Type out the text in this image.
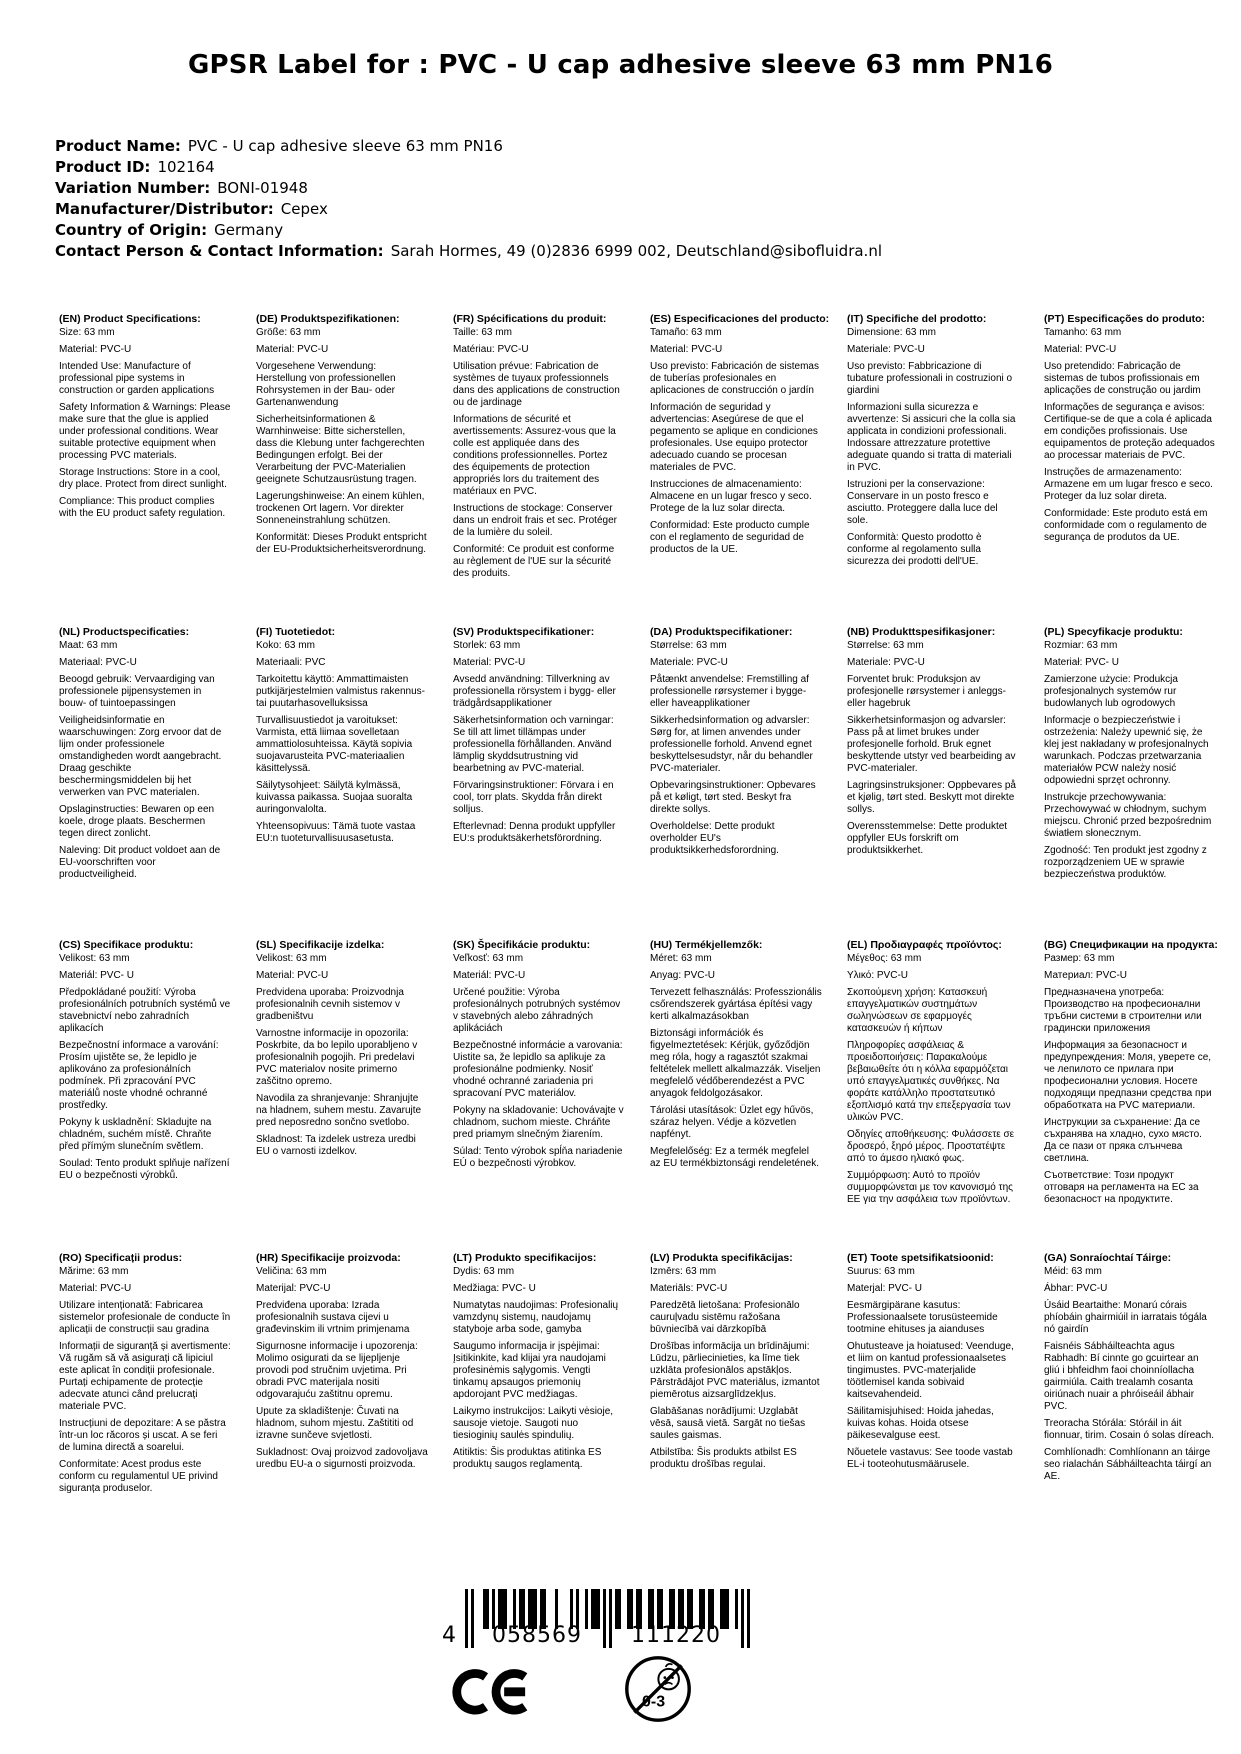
GPSR Label for : PVC - U cap adhesive sleeve 63 mm PN16
Product Name: PVC - U cap adhesive sleeve 63 mm PN16
Product ID: 102164
Variation Number: BONI-01948
Manufacturer/Distributor: Cepex
Country of Origin: Germany
Contact Person & Contact Information: Sarah Hormes, 49 (0)2836 6999 002, Deutschland@sibofluidra.nl
(EN) Product Specifications:

Size: 63 mm

Material: PVC-U

Intended Use: Manufacture of professional pipe systems in construction or garden applications

Safety Information & Warnings: Please make sure that the glue is applied under professional conditions. Wear suitable protective equipment when processing PVC materials.

Storage Instructions: Store in a cool, dry place. Protect from direct sunlight.

Compliance: This product complies with the EU product safety regulation.

(DE) Produktspezifikationen:

Größe: 63 mm

Material: PVC-U

Vorgesehene Verwendung: Herstellung von professionellen Rohrsystemen in der Bau- oder Gartenanwendung

Sicherheitsinformationen & Warnhinweise: Bitte sicherstellen, dass die Klebung unter fachgerechten Bedingungen erfolgt. Bei der Verarbeitung der PVC-Materialien geeignete Schutzausrüstung tragen.

Lagerungshinweise: An einem kühlen, trockenen Ort lagern. Vor direkter Sonneneinstrahlung schützen.

Konformität: Dieses Produkt entspricht der EU-Produktsicherheitsverordnung.

(FR) Spécifications du produit:

Taille: 63 mm

Matériau: PVC-U

Utilisation prévue: Fabrication de systèmes de tuyaux professionnels dans des applications de construction ou de jardinage

Informations de sécurité et avertissements: Assurez-vous que la colle est appliquée dans des conditions professionnelles. Portez des équipements de protection appropriés lors du traitement des matériaux en PVC.

Instructions de stockage: Conserver dans un endroit frais et sec. Protéger de la lumière du soleil.

Conformité: Ce produit est conforme au règlement de l'UE sur la sécurité des produits.

(ES) Especificaciones del producto:

Tamaño: 63 mm

Material: PVC-U

Uso previsto: Fabricación de sistemas de tuberías profesionales en aplicaciones de construcción o jardín

Información de seguridad y advertencias: Asegúrese de que el pegamento se aplique en condiciones profesionales. Use equipo protector adecuado cuando se procesan materiales de PVC.

Instrucciones de almacenamiento: Almacene en un lugar fresco y seco. Protege de la luz solar directa.

Conformidad: Este producto cumple con el reglamento de seguridad de productos de la UE.

(IT) Specifiche del prodotto:

Dimensione: 63 mm

Materiale: PVC-U

Uso previsto: Fabbricazione di tubature professionali in costruzioni o giardini

Informazioni sulla sicurezza e avvertenze: Si assicuri che la colla sia applicata in condizioni professionali. Indossare attrezzature protettive adeguate quando si tratta di materiali in PVC.

Istruzioni per la conservazione: Conservare in un posto fresco e asciutto. Proteggere dalla luce del sole.

Conformità: Questo prodotto è conforme al regolamento sulla sicurezza dei prodotti dell'UE.

(PT) Especificações do produto:

Tamanho: 63 mm

Material: PVC-U

Uso pretendido: Fabricação de sistemas de tubos profissionais em aplicações de construção ou jardim

Informações de segurança e avisos: Certifique-se de que a cola é aplicada em condições profissionais. Use equipamentos de proteção adequados ao processar materiais de PVC.

Instruções de armazenamento: Armazene em um lugar fresco e seco. Proteger da luz solar direta.

Conformidade: Este produto está em conformidade com o regulamento de segurança de produtos da UE.

(NL) Productspecificaties:

Maat: 63 mm

Materiaal: PVC-U

Beoogd gebruik: Vervaardiging van professionele pijpensystemen in bouw- of tuintoepassingen

Veiligheidsinformatie en waarschuwingen: Zorg ervoor dat de lijm onder professionele omstandigheden wordt aangebracht. Draag geschikte beschermingsmiddelen bij het verwerken van PVC materialen.

Opslaginstructies: Bewaren op een koele, droge plaats. Beschermen tegen direct zonlicht.

Naleving: Dit product voldoet aan de EU-voorschriften voor productveiligheid.

(FI) Tuotetiedot:

Koko: 63 mm

Materiaali: PVC

Tarkoitettu käyttö: Ammattimaisten putkijärjestelmien valmistus rakennus- tai puutarhasovelluksissa

Turvallisuustiedot ja varoitukset: Varmista, että liimaa sovelletaan ammattiolosuhteissa. Käytä sopivia suojavarusteita PVC-materiaalien käsittelyssä.

Säilytysohjeet: Säilytä kylmässä, kuivassa paikassa. Suojaa suoralta auringonvalolta.

Yhteensopivuus: Tämä tuote vastaa EU:n tuoteturvallisuusasetusta.

(SV) Produktspecifikationer:

Storlek: 63 mm

Material: PVC-U

Avsedd användning: Tillverkning av professionella rörsystem i bygg- eller trädgårdsapplikationer

Säkerhetsinformation och varningar: Se till att limet tillämpas under professionella förhållanden. Använd lämplig skyddsutrustning vid bearbetning av PVC-material.

Förvaringsinstruktioner: Förvara i en cool, torr plats. Skydda från direkt solljus.

Efterlevnad: Denna produkt uppfyller EU:s produktsäkerhetsförordning.

(DA) Produktspecifikationer:

Størrelse: 63 mm

Materiale: PVC-U

Påtænkt anvendelse: Fremstilling af professionelle rørsystemer i bygge- eller haveapplikationer

Sikkerhedsinformation og advarsler: Sørg for, at limen anvendes under professionelle forhold. Anvend egnet beskyttelsesudstyr, når du behandler PVC-materialer.

Opbevaringsinstruktioner: Opbevares på et køligt, tørt sted. Beskyt fra direkte sollys.

Overholdelse: Dette produkt overholder EU's produktsikkerhedsforordning.

(NB) Produkttspesifikasjoner:

Størrelse: 63 mm

Materiale: PVC-U

Forventet bruk: Produksjon av profesjonelle rørsystemer i anleggs- eller hagebruk

Sikkerhetsinformasjon og advarsler: Pass på at limet brukes under profesjonelle forhold. Bruk egnet beskyttende utstyr ved bearbeiding av PVC-materialer.

Lagringsinstruksjoner: Oppbevares på et kjølig, tørt sted. Beskytt mot direkte sollys.

Overensstemmelse: Dette produktet oppfyller EUs forskrift om produktsikkerhet.

(PL) Specyfikacje produktu:

Rozmiar: 63 mm

Materiał: PVC- U

Zamierzone użycie: Produkcja profesjonalnych systemów rur budowlanych lub ogrodowych

Informacje o bezpieczeństwie i ostrzeżenia: Należy upewnić się, że klej jest nakładany w profesjonalnych warunkach. Podczas przetwarzania materiałów PCW należy nosić odpowiedni sprzęt ochronny.

Instrukcje przechowywania: Przechowywać w chłodnym, suchym miejscu. Chronić przed bezpośrednim światłem słonecznym.

Zgodność: Ten produkt jest zgodny z rozporządzeniem UE w sprawie bezpieczeństwa produktów.

(CS) Specifikace produktu:

Velikost: 63 mm

Materiál: PVC- U

Předpokládané použití: Výroba profesionálních potrubních systémů ve stavebnictví nebo zahradních aplikacích

Bezpečnostní informace a varování: Prosím ujistěte se, že lepidlo je aplikováno za profesionálních podmínek. Při zpracování PVC materiálů noste vhodné ochranné prostředky.

Pokyny k uskladnění: Skladujte na chladném, suchém místě. Chraňte před přímým slunečním světlem.

Soulad: Tento produkt splňuje nařízení EU o bezpečnosti výrobků.

(SL) Specifikacije izdelka:

Velikost: 63 mm

Material: PVC-U

Predvidena uporaba: Proizvodnja profesionalnih cevnih sistemov v gradbeništvu

Varnostne informacije in opozorila: Poskrbite, da bo lepilo uporabljeno v profesionalnih pogojih. Pri predelavi PVC materialov nosite primerno zaščitno opremo.

Navodila za shranjevanje: Shranjujte na hladnem, suhem mestu. Zavarujte pred neposredno sončno svetlobo.

Skladnost: Ta izdelek ustreza uredbi EU o varnosti izdelkov.

(SK) Špecifikácie produktu:

Veľkosť: 63 mm

Materiál: PVC-U

Určené použitie: Výroba profesionálnych potrubných systémov v stavebných alebo záhradných aplikáciách

Bezpečnostné informácie a varovania: Uistite sa, že lepidlo sa aplikuje za profesionálne podmienky. Nosiť vhodné ochranné zariadenia pri spracovaní PVC materiálov.

Pokyny na skladovanie: Uchovávajte v chladnom, suchom mieste. Chráňte pred priamym slnečným žiarením.

Súlad: Tento výrobok spĺňa nariadenie EÚ o bezpečnosti výrobkov.

(HU) Termékjellemzők:

Méret: 63 mm

Anyag: PVC-U

Tervezett felhasználás: Professzionális csőrendszerek gyártása építési vagy kerti alkalmazásokban

Biztonsági információk és figyelmeztetések: Kérjük, győződjön meg róla, hogy a ragasztót szakmai feltételek mellett alkalmazzák. Viseljen megfelelő védőberendezést a PVC anyagok feldolgozásakor.

Tárolási utasítások: Üzlet egy hűvös, száraz helyen. Védje a közvetlen napfényt.

Megfelelőség: Ez a termék megfelel az EU termékbiztonsági rendeletének.

(EL) Προδιαγραφές προϊόντος:

Μέγεθος: 63 mm

Υλικό: PVC-U

Σκοπούμενη χρήση: Κατασκευή επαγγελματικών συστημάτων σωληνώσεων σε εφαρμογές κατασκευών ή κήπων

Πληροφορίες ασφάλειας & προειδοποιήσεις: Παρακαλούμε βεβαιωθείτε ότι η κόλλα εφαρμόζεται υπό επαγγελματικές συνθήκες. Να φοράτε κατάλληλο προστατευτικό εξοπλισμό κατά την επεξεργασία των υλικών PVC.

Οδηγίες αποθήκευσης: Φυλάσσετε σε δροσερό, ξηρό μέρος. Προστατέψτε από το άμεσο ηλιακό φως.

Συμμόρφωση: Αυτό το προϊόν συμμορφώνεται με τον κανονισμό της ΕΕ για την ασφάλεια των προϊόντων.

(BG) Спецификации на продукта:

Размер: 63 mm

Материал: PVC-U

Предназначена употреба: Производство на професионални тръбни системи в строителни или градински приложения

Информация за безопасност и предупреждения: Моля, уверете се, че лепилото се прилага при професионални условия. Носете подходящи предпазни средства при обработката на PVC материали.

Инструкции за съхранение: Да се съхранява на хладно, сухо място. Да се пази от пряка слънчева светлина.

Съответствие: Този продукт отговаря на регламента на ЕС за безопасност на продуктите.

(RO) Specificații produs:

Mărime: 63 mm

Material: PVC-U

Utilizare intenționată: Fabricarea sistemelor profesionale de conducte în aplicații de construcții sau gradina

Informații de siguranță și avertismente: Vă rugăm să vă asigurați că lipiciul este aplicat în condiții profesionale. Purtați echipamente de protecție adecvate atunci când prelucrați materiale PVC.

Instrucțiuni de depozitare: A se păstra într-un loc răcoros și uscat. A se feri de lumina directă a soarelui.

Conformitate: Acest produs este conform cu regulamentul UE privind siguranța produselor.

(HR) Specifikacije proizvoda:

Veličina: 63 mm

Materijal: PVC-U

Predviđena uporaba: Izrada profesionalnih sustava cijevi u građevinskim ili vrtnim primjenama

Sigurnosne informacije i upozorenja: Molimo osigurati da se lijepljenje provodi pod stručnim uvjetima. Pri obradi PVC materijala nositi odgovarajuću zaštitnu opremu.

Upute za skladištenje: Čuvati na hladnom, suhom mjestu. Zaštititi od izravne sunčeve svjetlosti.

Sukladnost: Ovaj proizvod zadovoljava uredbu EU-a o sigurnosti proizvoda.

(LT) Produkto specifikacijos:

Dydis: 63 mm

Medžiaga: PVC- U

Numatytas naudojimas: Profesionalių vamzdynų sistemų, naudojamų statyboje arba sode, gamyba

Saugumo informacija ir įspėjimai: Įsitikinkite, kad klijai yra naudojami profesinėmis sąlygomis. Vengti tinkamų apsaugos priemonių apdorojant PVC medžiagas.

Laikymo instrukcijos: Laikyti vėsioje, sausoje vietoje. Saugoti nuo tiesioginių saulės spindulių.

Atitiktis: Šis produktas atitinka ES produktų saugos reglamentą.

(LV) Produkta specifikācijas:

Izmērs: 63 mm

Materiāls: PVC-U

Paredzētā lietošana: Profesionālo cauruļvadu sistēmu ražošana būvniecībā vai dārzkopībā

Drošības informācija un brīdinājumi: Lūdzu, pārliecinieties, ka līme tiek uzklāta profesionālos apstākļos. Pārstrādājot PVC materiālus, izmantot piemērotus aizsarglīdzekļus.

Glabāšanas norādījumi: Uzglabāt vēsā, sausā vietā. Sargāt no tiešas saules gaismas.

Atbilstība: Šis produkts atbilst ES produktu drošības regulai.

(ET) Toote spetsifikatsioonid:

Suurus: 63 mm

Materjal: PVC- U

Eesmärgipärane kasutus: Professionaalsete torusüsteemide tootmine ehituses ja aianduses

Ohutusteave ja hoiatused: Veenduge, et liim on kantud professionaalsetes tingimustes. PVC-materjalide töötlemisel kanda sobivaid kaitsevahendeid.

Säilitamisjuhised: Hoida jahedas, kuivas kohas. Hoida otsese päikesevalguse eest.

Nõuetele vastavus: See toode vastab EL-i tooteohutusmäärusele.

(GA) Sonraíochtaí Táirge:

Méid: 63 mm

Ábhar: PVC-U

Úsáid Beartaithe: Monarú córais phíobáin ghairmiúil in iarratais tógála nó gairdín

Faisnéis Sábháilteachta agus Rabhadh: Bí cinnte go gcuirtear an gliú i bhfeidhm faoi choinníollacha gairmiúla. Caith trealamh cosanta oiriúnach nuair a phróiseáil ábhair PVC.

Treoracha Stórála: Stóráil in áit fionnuar, tirim. Cosain ó solas díreach.

Comhlíonadh: Comhlíonann an táirge seo rialachán Sábháilteachta táirgí an AE.

4	058569	111220
0-3
